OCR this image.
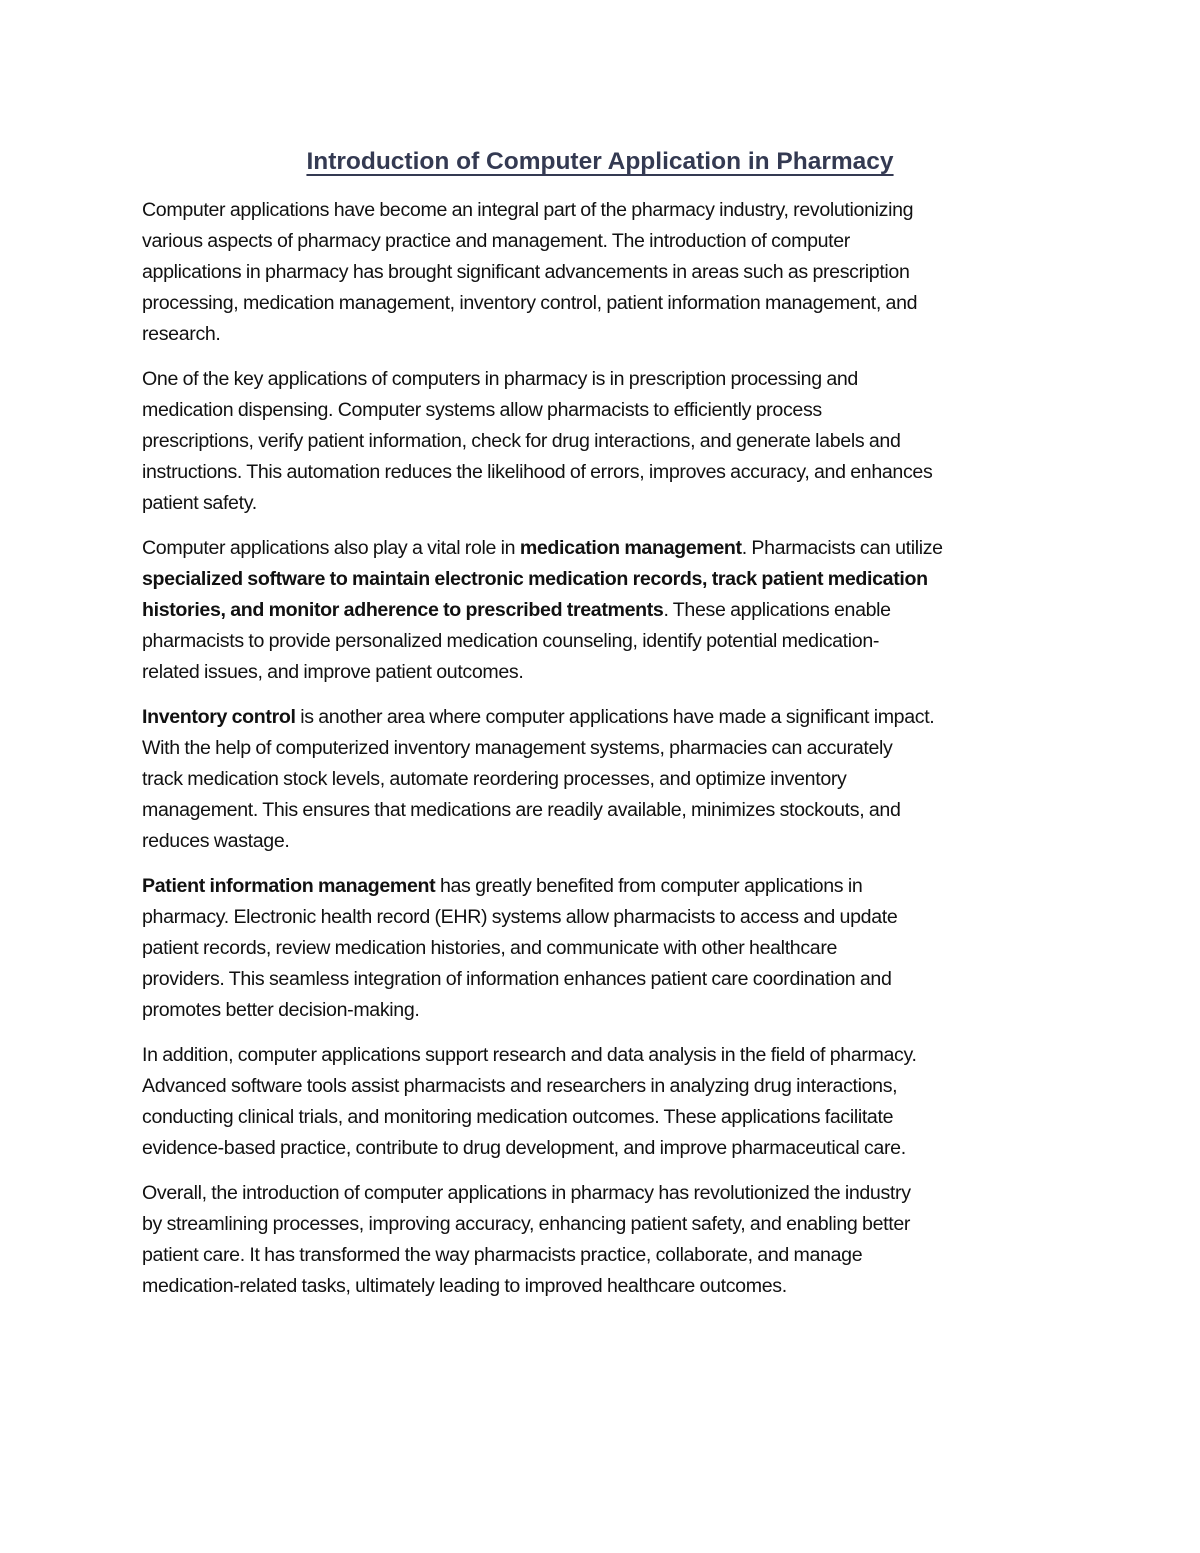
Introduction of Computer Application in Pharmacy

Computer applications have become an integral part of the pharmacy industry, revolutionizing
various aspects of pharmacy practice and management. The introduction of computer
applications in pharmacy has brought significant advancements in areas such as prescription
processing, medication management, inventory control, patient information management, and
research.

One of the key applications of computers in pharmacy is in prescription processing and
medication dispensing. Computer systems allow pharmacists to efficiently process
prescriptions, verify patient information, check for drug interactions, and generate labels and
instructions. This automation reduces the likelihood of errors, improves accuracy, and enhances
patient safety.

Computer applications also play a vital role in medication management. Pharmacists can utilize
specialized software to maintain electronic medication records, track patient medication
histories, and monitor adherence to prescribed treatments. These applications enable
pharmacists to provide personalized medication counseling, identify potential medication-
related issues, and improve patient outcomes.

Inventory control is another area where computer applications have made a significant impact.
With the help of computerized inventory management systems, pharmacies can accurately
track medication stock levels, automate reordering processes, and optimize inventory
management. This ensures that medications are readily available, minimizes stockouts, and
reduces wastage.

Patient information management has greatly benefited from computer applications in
pharmacy. Electronic health record (EHR) systems allow pharmacists to access and update
patient records, review medication histories, and communicate with other healthcare
providers. This seamless integration of information enhances patient care coordination and
promotes better decision-making.

In addition, computer applications support research and data analysis in the field of pharmacy.
Advanced software tools assist pharmacists and researchers in analyzing drug interactions,
conducting clinical trials, and monitoring medication outcomes. These applications facilitate
evidence-based practice, contribute to drug development, and improve pharmaceutical care.

Overall, the introduction of computer applications in pharmacy has revolutionized the industry
by streamlining processes, improving accuracy, enhancing patient safety, and enabling better
patient care. It has transformed the way pharmacists practice, collaborate, and manage
medication-related tasks, ultimately leading to improved healthcare outcomes.
